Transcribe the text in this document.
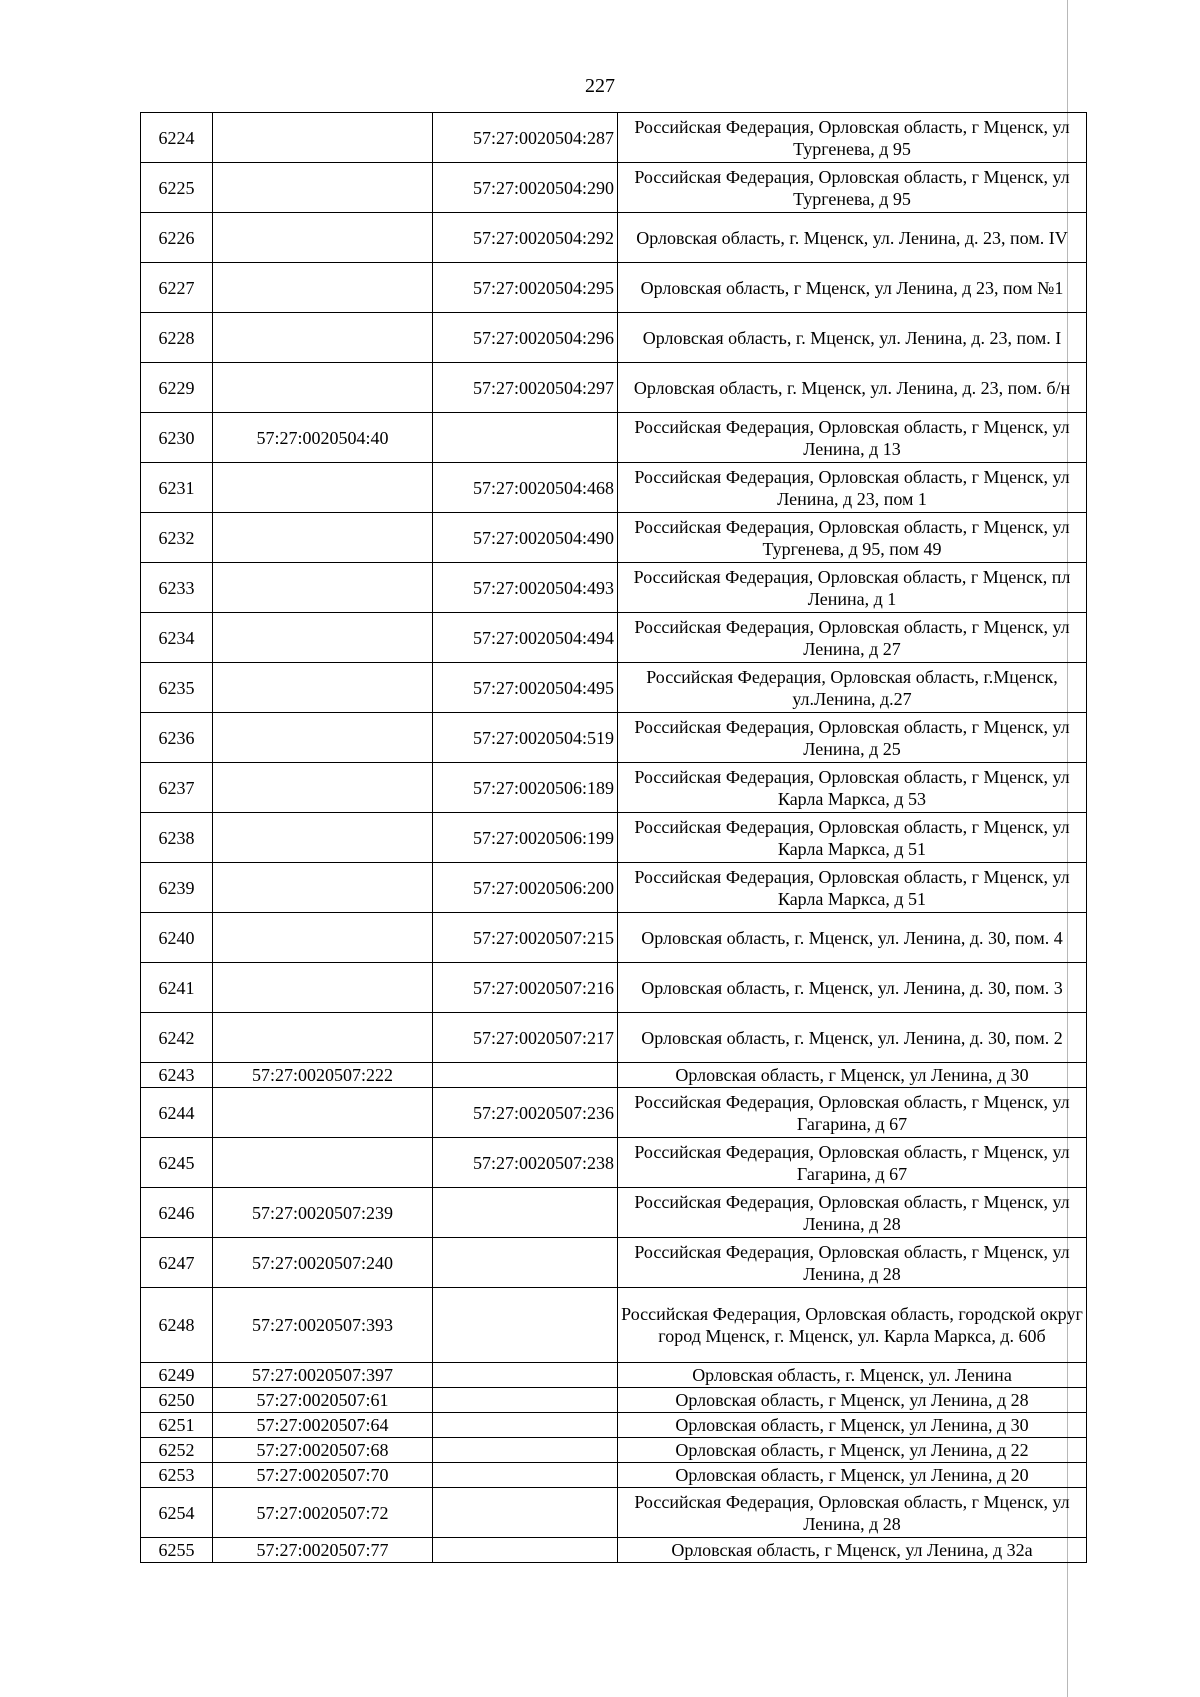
227
6224		57:27:0020504:287	Российская Федерация, Орловская область, г Мценск, ул Тургенева, д 95
6225		57:27:0020504:290	Российская Федерация, Орловская область, г Мценск, ул Тургенева, д 95
6226		57:27:0020504:292	Орловская область, г. Мценск, ул. Ленина, д. 23, пом. IV
6227		57:27:0020504:295	Орловская область, г Мценск, ул Ленина, д 23, пом №1
6228		57:27:0020504:296	Орловская область, г. Мценск, ул. Ленина, д. 23, пом. I
6229		57:27:0020504:297	Орловская область, г. Мценск, ул. Ленина, д. 23, пом. б/н
6230	57:27:0020504:40		Российская Федерация, Орловская область, г Мценск, ул Ленина, д 13
6231		57:27:0020504:468	Российская Федерация, Орловская область, г Мценск, ул Ленина, д 23, пом 1
6232		57:27:0020504:490	Российская Федерация, Орловская область, г Мценск, ул Тургенева, д 95, пом 49
6233		57:27:0020504:493	Российская Федерация, Орловская область, г Мценск, пл Ленина, д 1
6234		57:27:0020504:494	Российская Федерация, Орловская область, г Мценск, ул Ленина, д 27
6235		57:27:0020504:495	Российская Федерация, Орловская область, г.Мценск, ул.Ленина, д.27
6236		57:27:0020504:519	Российская Федерация, Орловская область, г Мценск, ул Ленина, д 25
6237		57:27:0020506:189	Российская Федерация, Орловская область, г Мценск, ул Карла Маркса, д 53
6238		57:27:0020506:199	Российская Федерация, Орловская область, г Мценск, ул Карла Маркса, д 51
6239		57:27:0020506:200	Российская Федерация, Орловская область, г Мценск, ул Карла Маркса, д 51
6240		57:27:0020507:215	Орловская область, г. Мценск, ул. Ленина, д. 30, пом. 4
6241		57:27:0020507:216	Орловская область, г. Мценск, ул. Ленина, д. 30, пом. 3
6242		57:27:0020507:217	Орловская область, г. Мценск, ул. Ленина, д. 30, пом. 2
6243	57:27:0020507:222		Орловская область, г Мценск, ул Ленина, д 30
6244		57:27:0020507:236	Российская Федерация, Орловская область, г Мценск, ул Гагарина, д 67
6245		57:27:0020507:238	Российская Федерация, Орловская область, г Мценск, ул Гагарина, д 67
6246	57:27:0020507:239		Российская Федерация, Орловская область, г Мценск, ул Ленина, д 28
6247	57:27:0020507:240		Российская Федерация, Орловская область, г Мценск, ул Ленина, д 28
6248	57:27:0020507:393		Российская Федерация, Орловская область, городской округ город Мценск, г. Мценск, ул. Карла Маркса, д. 60б
6249	57:27:0020507:397		Орловская область, г. Мценск, ул. Ленина
6250	57:27:0020507:61		Орловская область, г Мценск, ул Ленина, д 28
6251	57:27:0020507:64		Орловская область, г Мценск, ул Ленина, д 30
6252	57:27:0020507:68		Орловская область, г Мценск, ул Ленина, д 22
6253	57:27:0020507:70		Орловская область, г Мценск, ул Ленина, д 20
6254	57:27:0020507:72		Российская Федерация, Орловская область, г Мценск, ул Ленина, д 28
6255	57:27:0020507:77		Орловская область, г Мценск, ул Ленина, д 32а
